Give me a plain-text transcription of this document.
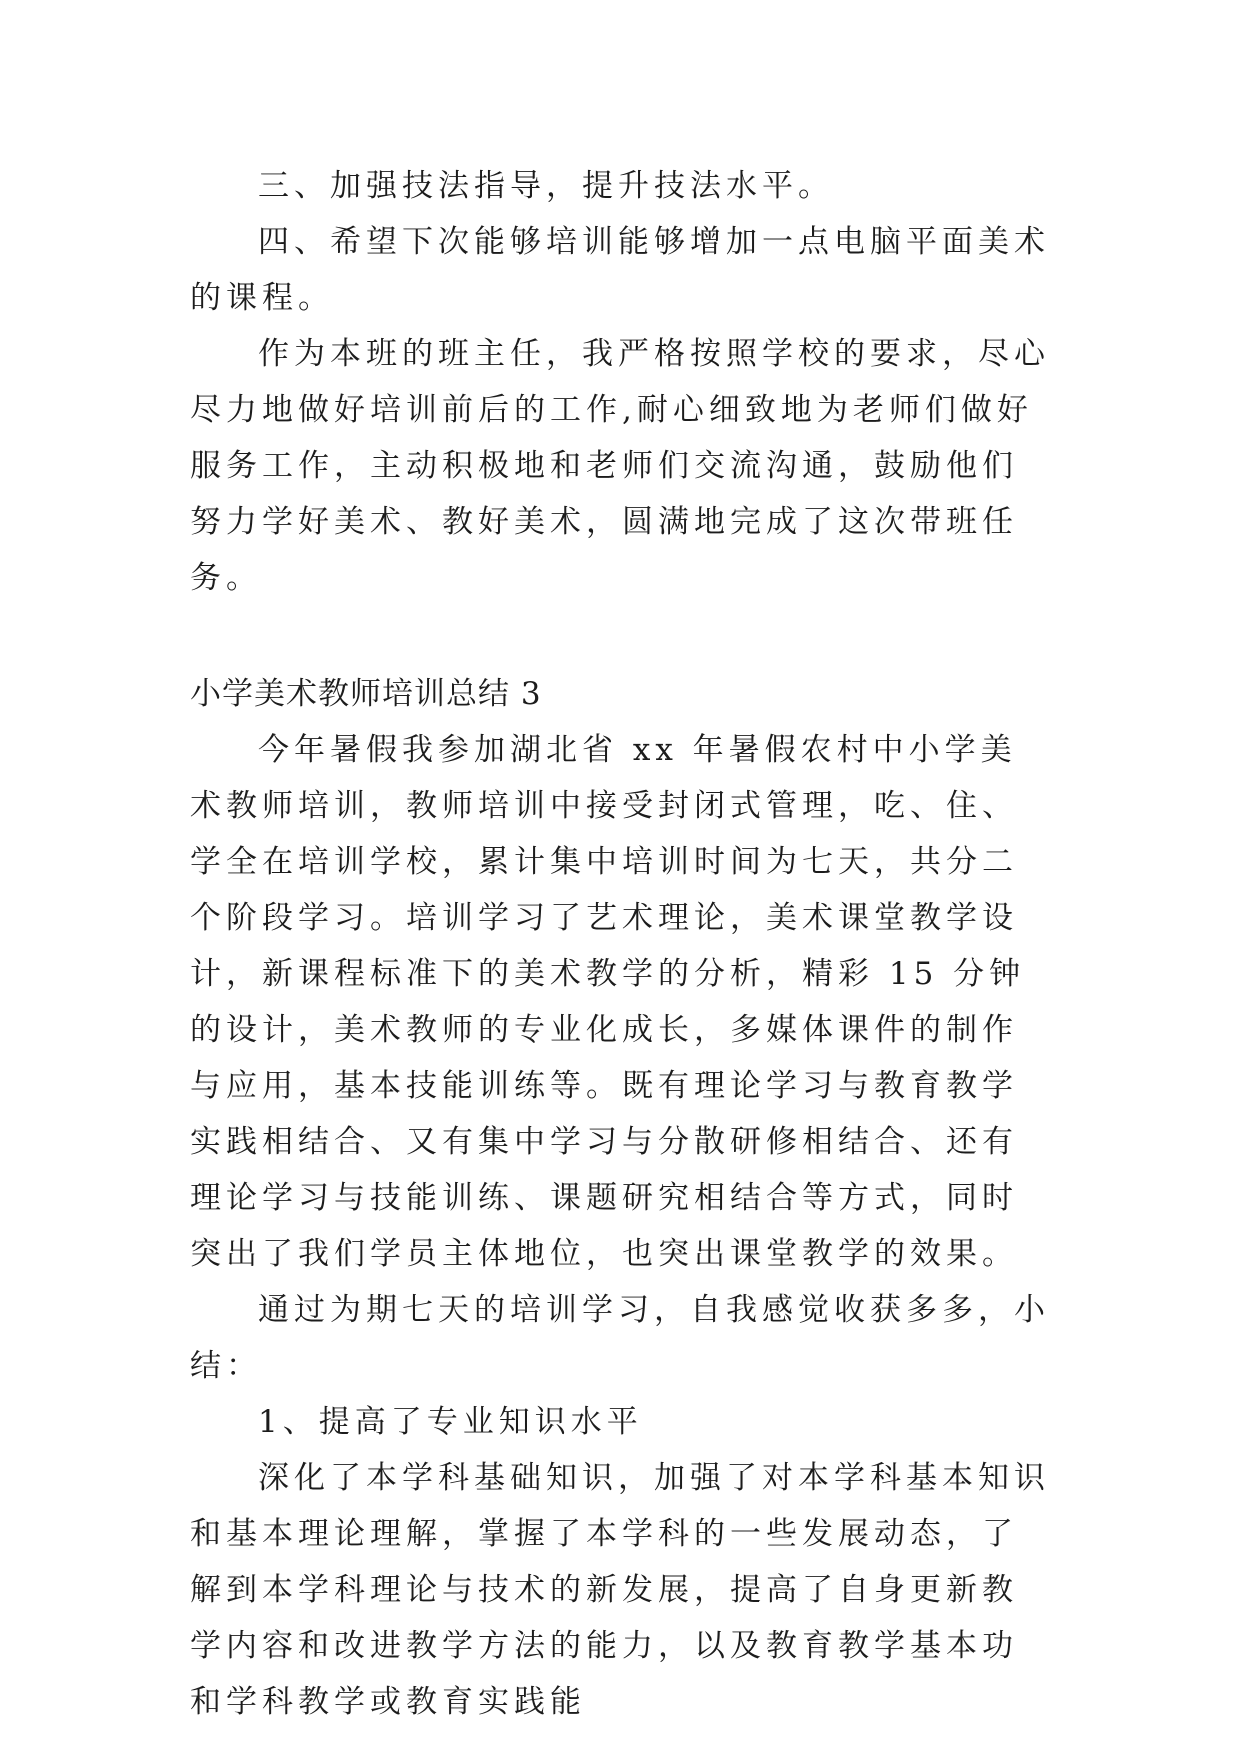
三、加强技法指导，提升技法水平。

四、希望下次能够培训能够增加一点电脑平面美术的课程。

作为本班的班主任，我严格按照学校的要求，尽心尽力地做好培训前后的工作,耐心细致地为老师们做好服务工作，主动积极地和老师们交流沟通，鼓励他们努力学好美术、教好美术，圆满地完成了这次带班任务。

小学美术教师培训总结 3

今年暑假我参加湖北省 xx 年暑假农村中小学美术教师培训，教师培训中接受封闭式管理，吃、住、学全在培训学校，累计集中培训时间为七天，共分二个阶段学习。培训学习了艺术理论，美术课堂教学设计，新课程标准下的美术教学的分析，精彩 15 分钟的设计，美术教师的专业化成长，多媒体课件的制作与应用，基本技能训练等。既有理论学习与教育教学实践相结合、又有集中学习与分散研修相结合、还有理论学习与技能训练、课题研究相结合等方式，同时突出了我们学员主体地位，也突出课堂教学的效果。

通过为期七天的培训学习，自我感觉收获多多，小结：

1、提高了专业知识水平

深化了本学科基础知识，加强了对本学科基本知识和基本理论理解，掌握了本学科的一些发展动态，了解到本学科理论与技术的新发展，提高了自身更新教学内容和改进教学方法的能力，以及教育教学基本功和学科教学或教育实践能
